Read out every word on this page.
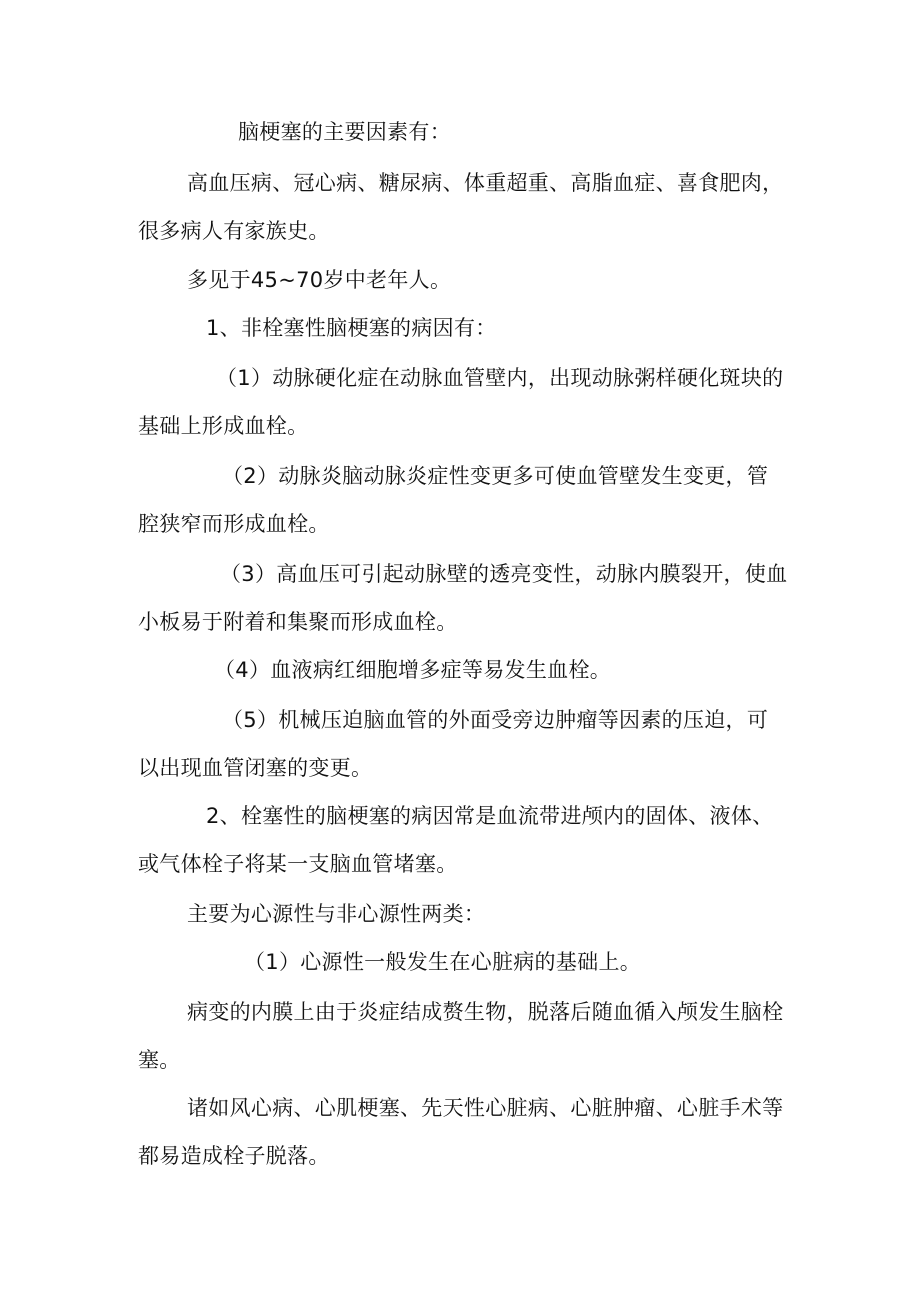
脑梗塞的主要因素有：

高血压病、冠心病、糖尿病、体重超重、高脂血症、喜食肥肉，很多病人有家族史。

多见于45~70岁中老年人。

1、非栓塞性脑梗塞的病因有：

（1）动脉硬化症在动脉血管壁内，出现动脉粥样硬化斑块的基础上形成血栓。

（2）动脉炎脑动脉炎症性变更多可使血管壁发生变更，管腔狭窄而形成血栓。

（3）高血压可引起动脉壁的透亮变性，动脉内膜裂开，使血小板易于附着和集聚而形成血栓。

（4）血液病红细胞增多症等易发生血栓。

（5）机械压迫脑血管的外面受旁边肿瘤等因素的压迫，可以出现血管闭塞的变更。

2、栓塞性的脑梗塞的病因常是血流带进颅内的固体、液体、或气体栓子将某一支脑血管堵塞。

主要为心源性与非心源性两类：

（1）心源性一般发生在心脏病的基础上。

病变的内膜上由于炎症结成赘生物，脱落后随血循入颅发生脑栓塞。

诸如风心病、心肌梗塞、先天性心脏病、心脏肿瘤、心脏手术等都易造成栓子脱落。
